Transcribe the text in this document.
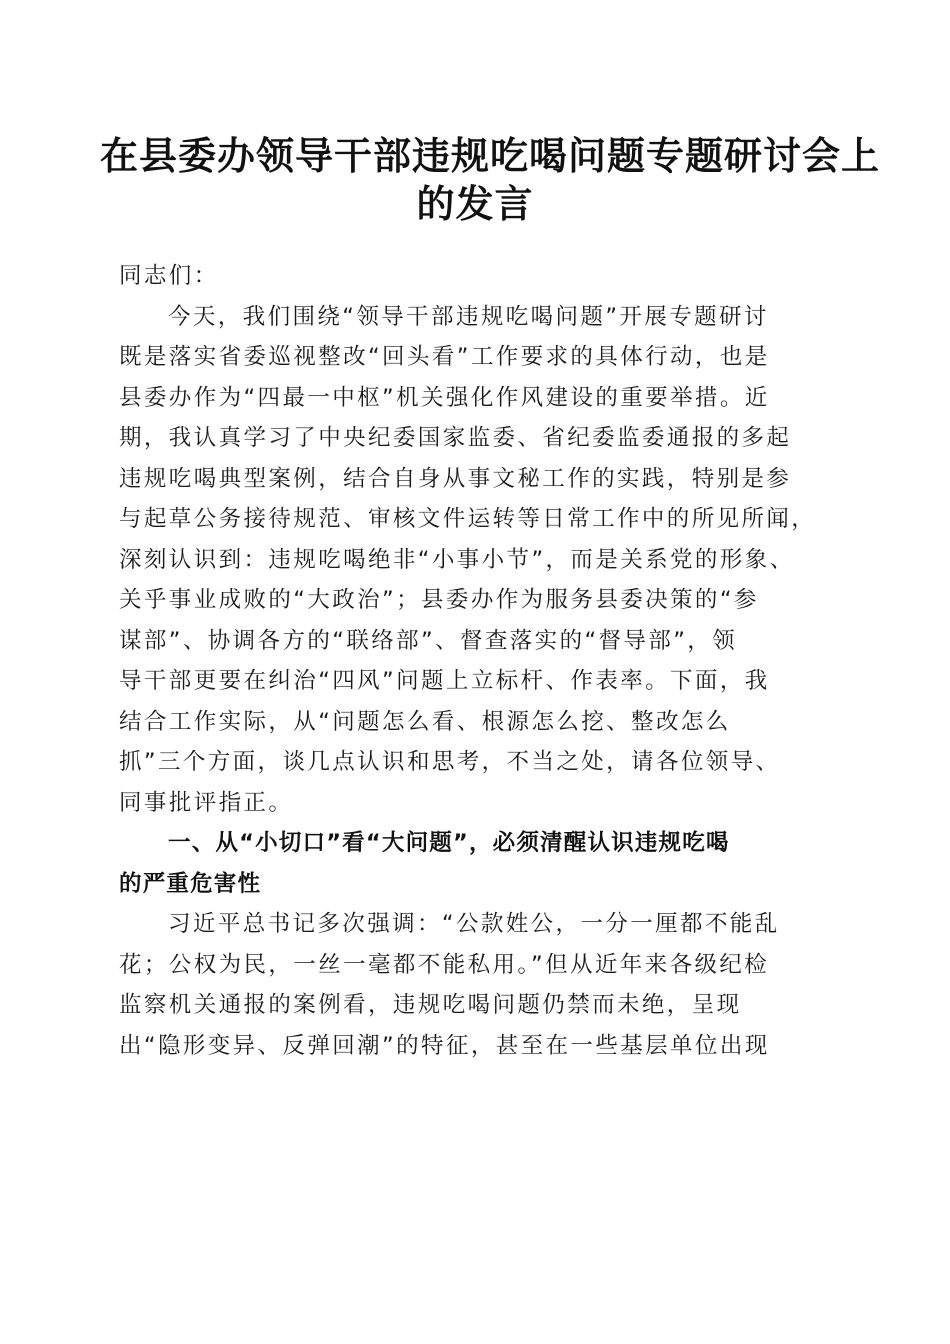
在县委办领导干部违规吃喝问题专题研讨会上
的发言
同志们：
今天，我们围绕“领导干部违规吃喝问题”开展专题研讨
既是落实省委巡视整改“回头看”工作要求的具体行动，也是
县委办作为“四最一中枢”机关强化作风建设的重要举措。近
期，我认真学习了中央纪委国家监委、省纪委监委通报的多起
违规吃喝典型案例，结合自身从事文秘工作的实践，特别是参
与起草公务接待规范、审核文件运转等日常工作中的所见所闻，
深刻认识到：违规吃喝绝非“小事小节”，而是关系党的形象、
关乎事业成败的“大政治”；县委办作为服务县委决策的“参
谋部”、协调各方的“联络部”、督查落实的“督导部”，领
导干部更要在纠治“四风”问题上立标杆、作表率。下面，我
结合工作实际，从“问题怎么看、根源怎么挖、整改怎么
抓”三个方面，谈几点认识和思考，不当之处，请各位领导、
同事批评指正。
一、从“小切口”看“大问题”，必须清醒认识违规吃喝
的严重危害性
习近平总书记多次强调：“公款姓公，一分一厘都不能乱
花；公权为民，一丝一毫都不能私用。”但从近年来各级纪检
监察机关通报的案例看，违规吃喝问题仍禁而未绝，呈现
出“隐形变异、反弹回潮”的特征，甚至在一些基层单位出现
